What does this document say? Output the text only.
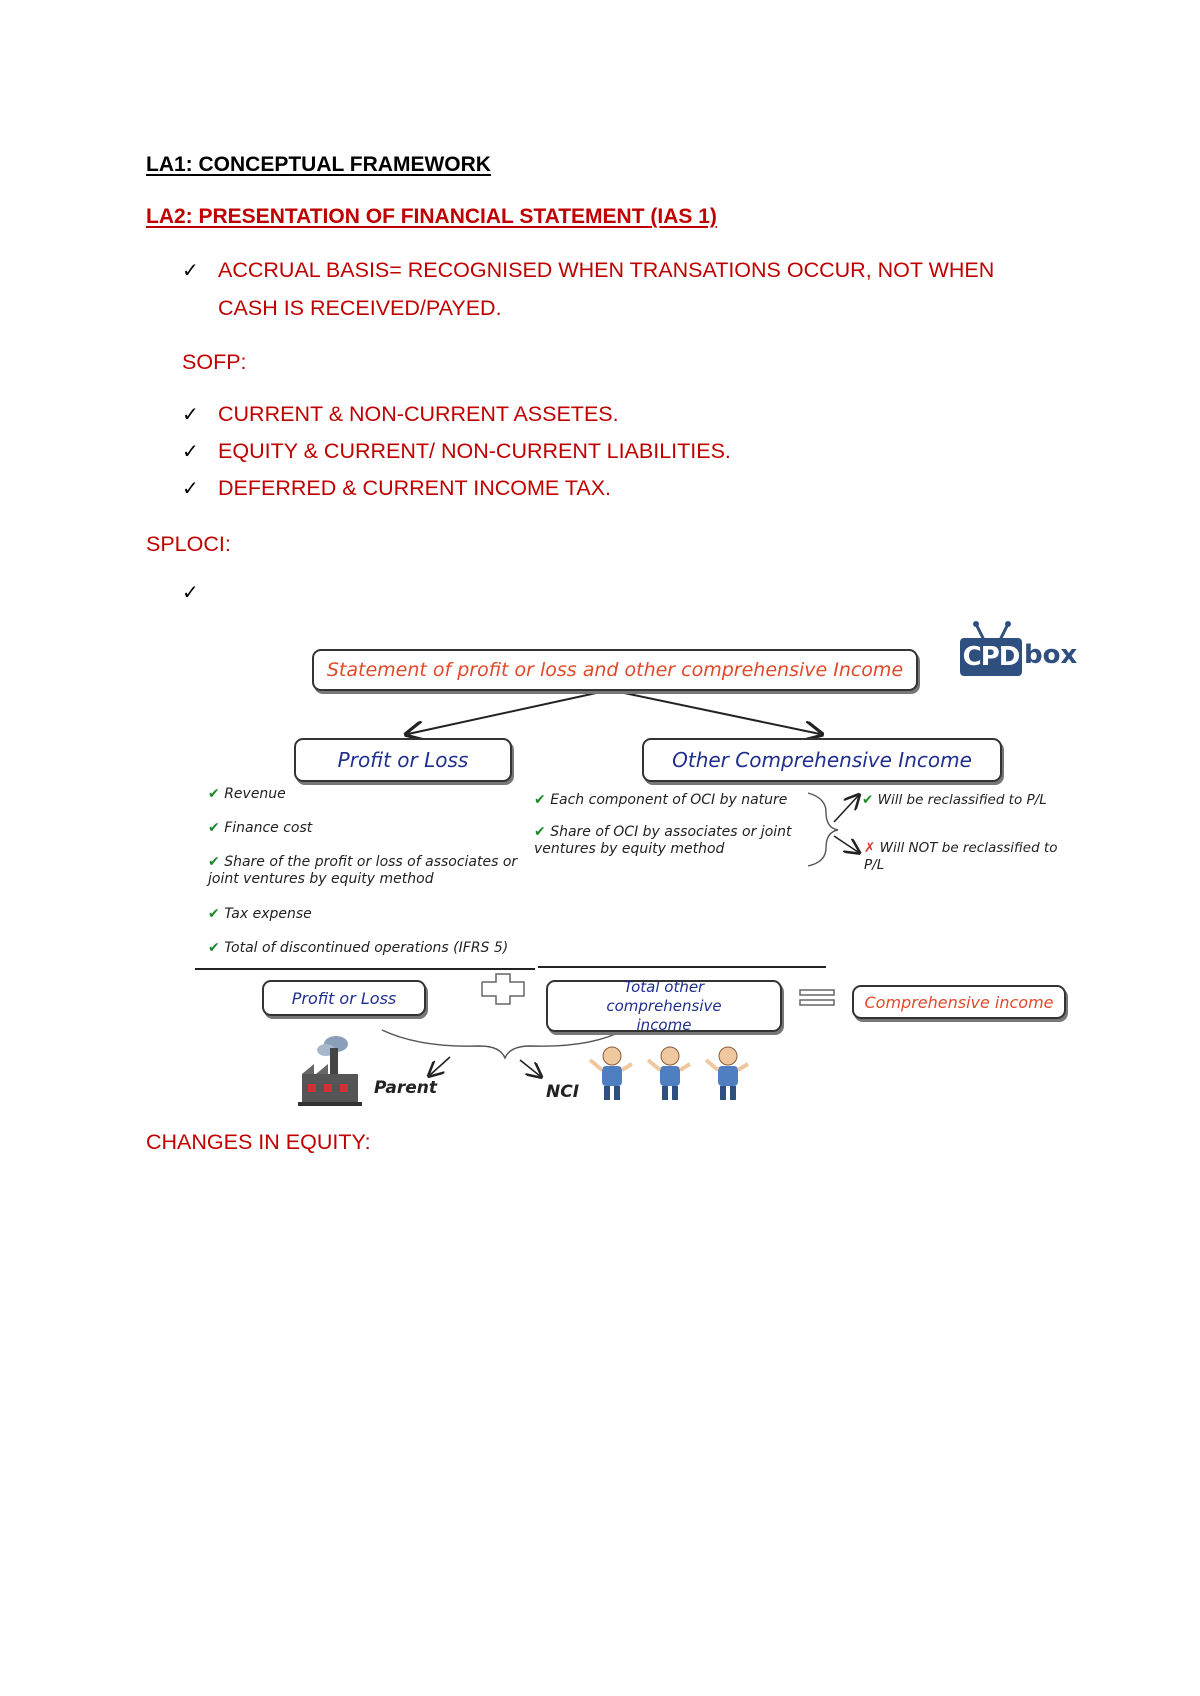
LA1: CONCEPTUAL FRAMEWORK
LA2: PRESENTATION OF FINANCIAL STATEMENT (IAS 1)
✓ ACCRUAL BASIS= RECOGNISED WHEN TRANSATIONS OCCUR, NOT WHEN
CASH IS RECEIVED/PAYED.
SOFP:
✓ CURRENT & NON-CURRENT ASSETES.
✓ EQUITY & CURRENT/ NON-CURRENT LIABILITIES.
✓ DEFERRED & CURRENT INCOME TAX.
SPLOCI:
✓
CPD box
Statement of profit or loss and other comprehensive Income
Profit or Loss	Other Comprehensive Income
✔ Revenue
✔ Finance cost
✔ Share of the profit or loss of associates or joint ventures by equity method
✔ Tax expense
✔ Total of discontinued operations (IFRS 5)
✔ Each component of OCI by nature
✔ Share of OCI by associates or joint ventures by equity method
✔ Will be reclassified to P/L
✗ Will NOT be reclassified to P/L
Profit or Loss
Total other comprehensive income
Comprehensive income
Parent	NCI
CHANGES IN EQUITY:
